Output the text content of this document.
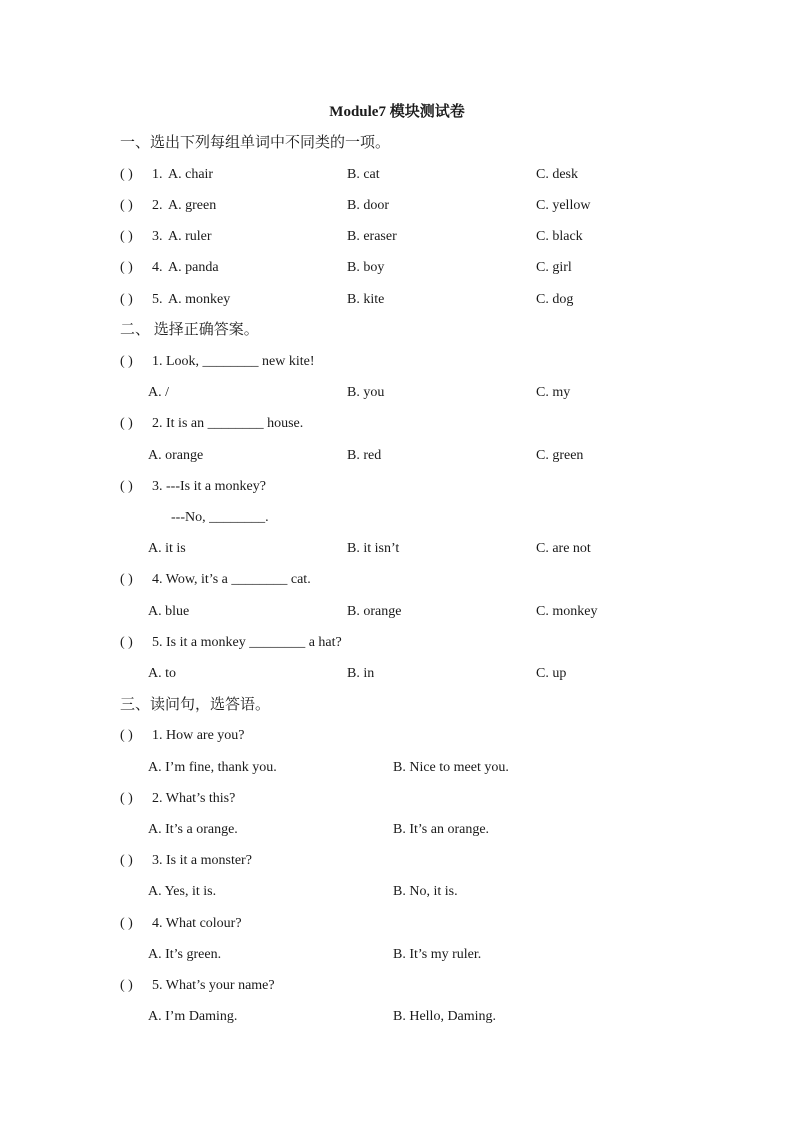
Module7 模块测试卷
一、选出下列每组单词中不同类的一项。
( ) 1. A. chair	B. cat	C. desk
( ) 2. A. green	B. door	C. yellow
( ) 3. A. ruler	B. eraser	C. black
( ) 4. A. panda	B. boy	C. girl
( ) 5. A. monkey	B. kite	C. dog
二、 选择正确答案。
( ) 1. Look, ________ new kite!
A. /	B. you	C. my
( ) 2. It is an ________ house.
A. orange	B. red	C. green
( ) 3. ---Is it a monkey?
---No, ________.
A. it is	B. it isn’t	C. are not
( ) 4. Wow, it’s a ________ cat.
A. blue	B. orange	C. monkey
( ) 5. Is it a monkey ________ a hat?
A. to	B. in	C. up
三、读问句，选答语。
( ) 1. How are you?
A. I’m fine, thank you.	B. Nice to meet you.
( ) 2. What’s this?
A. It’s a orange.	B. It’s an orange.
( ) 3. Is it a monster?
A. Yes, it is.	B. No, it is.
( ) 4. What colour?
A. It’s green.	B. It’s my ruler.
( ) 5. What’s your name?
A. I’m Daming.	B. Hello, Daming.
